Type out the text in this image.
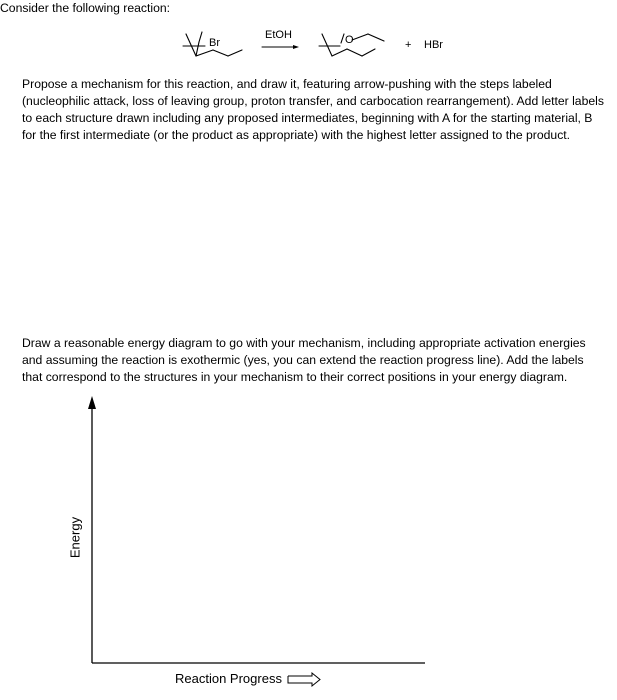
Consider the following reaction:
Br
EtOH	O	+ HBr
Propose a mechanism for this reaction, and draw it, featuring arrow-pushing with the steps labeled (nucleophilic attack, loss of leaving group, proton transfer, and carbocation rearrangement). Add letter labels to each structure drawn including any proposed intermediates, beginning with A for the starting material, B for the first intermediate (or the product as appropriate) with the highest letter assigned to the product.
Draw a reasonable energy diagram to go with your mechanism, including appropriate activation energies and assuming the reaction is exothermic (yes, you can extend the reaction progress line). Add the labels that correspond to the structures in your mechanism to their correct positions in your energy diagram.
Energy
Reaction Progress
